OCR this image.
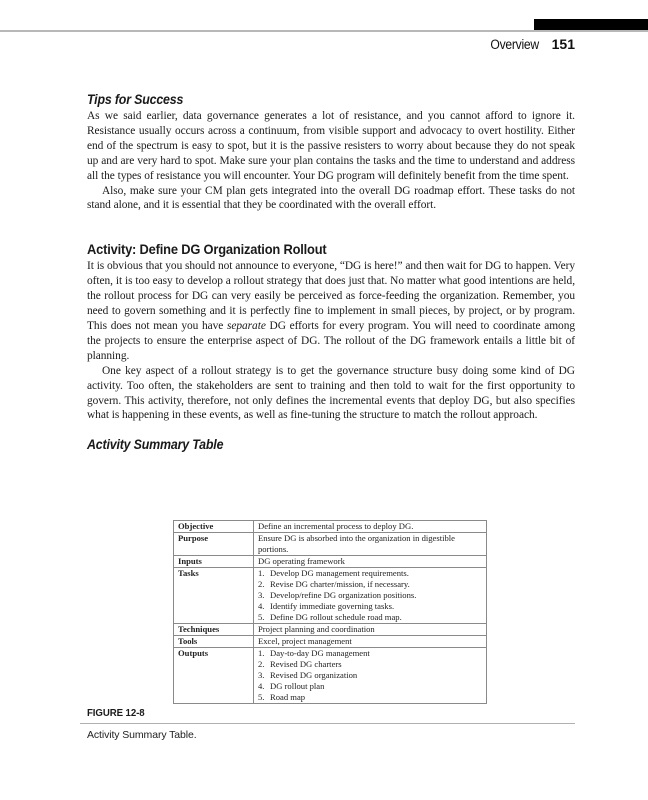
Overview 151
Tips for Success

As we said earlier, data governance generates a lot of resistance, and you cannot afford to ignore it. Resistance usually occurs across a continuum, from visible support and advocacy to overt hostility. Either end of the spectrum is easy to spot, but it is the passive resisters to worry about because they do not speak up and are very hard to spot. Make sure your plan contains the tasks and the time to understand and address all the types of resistance you will encounter. Your DG program will definitely benefit from the time spent.

Also, make sure your CM plan gets integrated into the overall DG roadmap effort. These tasks do not stand alone, and it is essential that they be coordinated with the overall effort.

Activity: Define DG Organization Rollout

It is obvious that you should not announce to everyone, “DG is here!” and then wait for DG to happen. Very often, it is too easy to develop a rollout strategy that does just that. No matter what good intentions are held, the rollout process for DG can very easily be perceived as force-feeding the organization. Remember, you need to govern something and it is perfectly fine to implement in small pieces, by project, or by program. This does not mean you have separate DG efforts for every program. You will need to coordinate among the projects to ensure the enterprise aspect of DG. The rollout of the DG framework entails a little bit of planning.

One key aspect of a rollout strategy is to get the governance structure busy doing some kind of DG activity. Too often, the stakeholders are sent to training and then told to wait for the first opportunity to govern. This activity, therefore, not only defines the incremental events that deploy DG, but also specifies what is happening in these events, as well as fine-tuning the structure to match the rollout approach.

Activity Summary Table
Objective	Define an incremental process to deploy DG.
Purpose	Ensure DG is absorbed into the organization in digestible portions.
Inputs	DG operating framework
Tasks	1. Develop DG management requirements.
2. Revise DG charter/mission, if necessary.
3. Develop/refine DG organization positions.
4. Identify immediate governing tasks.
5. Define DG rollout schedule road map.

Techniques	Project planning and coordination
Tools	Excel, project management
Outputs	1. Day-to-day DG management
2. Revised DG charters
3. Revised DG organization
4. DG rollout plan
5. Road map
FIGURE 12-8
Activity Summary Table.
